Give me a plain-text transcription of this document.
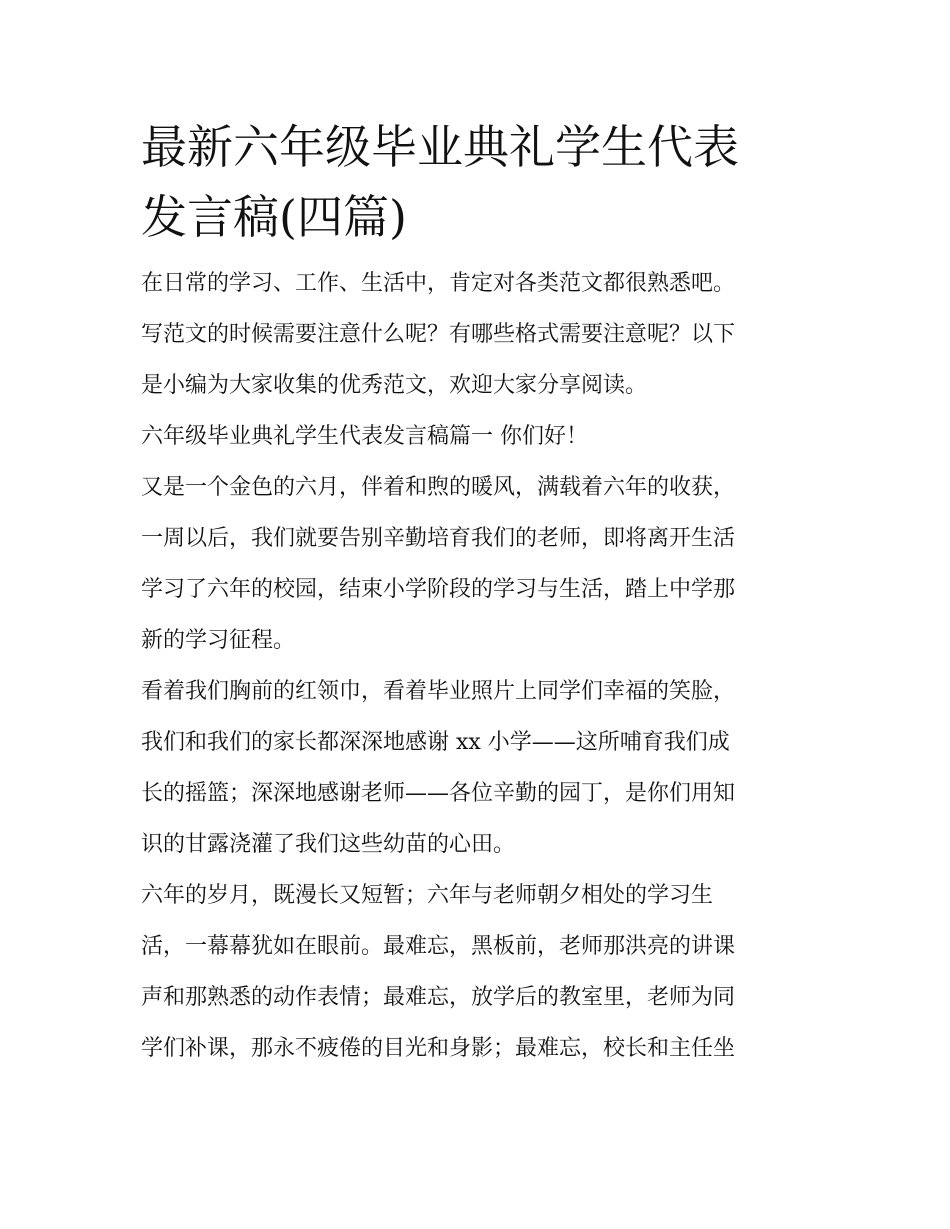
最新六年级毕业典礼学生代表
发言稿(四篇)

在日常的学习、工作、生活中，肯定对各类范文都很熟悉吧。
写范文的时候需要注意什么呢？有哪些格式需要注意呢？以下
是小编为大家收集的优秀范文，欢迎大家分享阅读。

六年级毕业典礼学生代表发言稿篇一 你们好！

又是一个金色的六月，伴着和煦的暖风，满载着六年的收获，
一周以后，我们就要告别辛勤培育我们的老师，即将离开生活
学习了六年的校园，结束小学阶段的学习与生活，踏上中学那
新的学习征程。

看着我们胸前的红领巾，看着毕业照片上同学们幸福的笑脸，
我们和我们的家长都深深地感谢 xx 小学——这所哺育我们成
长的摇篮；深深地感谢老师——各位辛勤的园丁，是你们用知
识的甘露浇灌了我们这些幼苗的心田。

六年的岁月，既漫长又短暂；六年与老师朝夕相处的学习生
活，一幕幕犹如在眼前。最难忘，黑板前，老师那洪亮的讲课
声和那熟悉的动作表情；最难忘，放学后的教室里，老师为同
学们补课，那永不疲倦的目光和身影；最难忘，校长和主任坐
